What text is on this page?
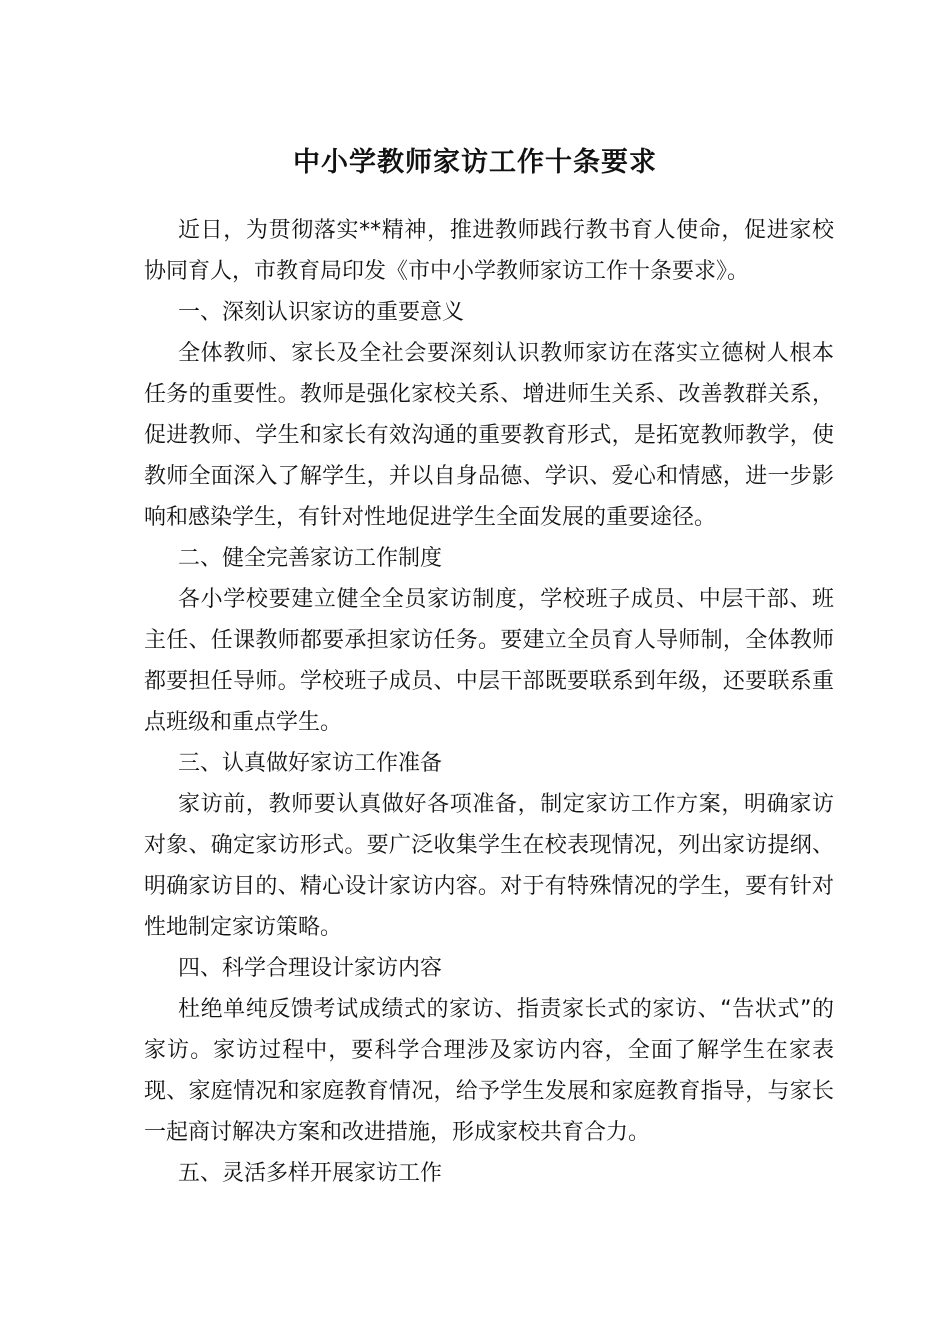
中小学教师家访工作十条要求

近日，为贯彻落实**精神，推进教师践行教书育人使命，促进家校协同育人，市教育局印发《市中小学教师家访工作十条要求》。

一、深刻认识家访的重要意义

全体教师、家长及全社会要深刻认识教师家访在落实立德树人根本任务的重要性。教师是强化家校关系、增进师生关系、改善教群关系，促进教师、学生和家长有效沟通的重要教育形式，是拓宽教师教学，使教师全面深入了解学生，并以自身品德、学识、爱心和情感，进一步影响和感染学生，有针对性地促进学生全面发展的重要途径。

二、健全完善家访工作制度

各小学校要建立健全全员家访制度，学校班子成员、中层干部、班主任、任课教师都要承担家访任务。要建立全员育人导师制，全体教师都要担任导师。学校班子成员、中层干部既要联系到年级，还要联系重点班级和重点学生。

三、认真做好家访工作准备

家访前，教师要认真做好各项准备，制定家访工作方案，明确家访对象、确定家访形式。要广泛收集学生在校表现情况，列出家访提纲、明确家访目的、精心设计家访内容。对于有特殊情况的学生，要有针对性地制定家访策略。

四、科学合理设计家访内容

杜绝单纯反馈考试成绩式的家访、指责家长式的家访、“告状式”的家访。家访过程中，要科学合理涉及家访内容，全面了解学生在家表现、家庭情况和家庭教育情况，给予学生发展和家庭教育指导，与家长一起商讨解决方案和改进措施，形成家校共育合力。

五、灵活多样开展家访工作
